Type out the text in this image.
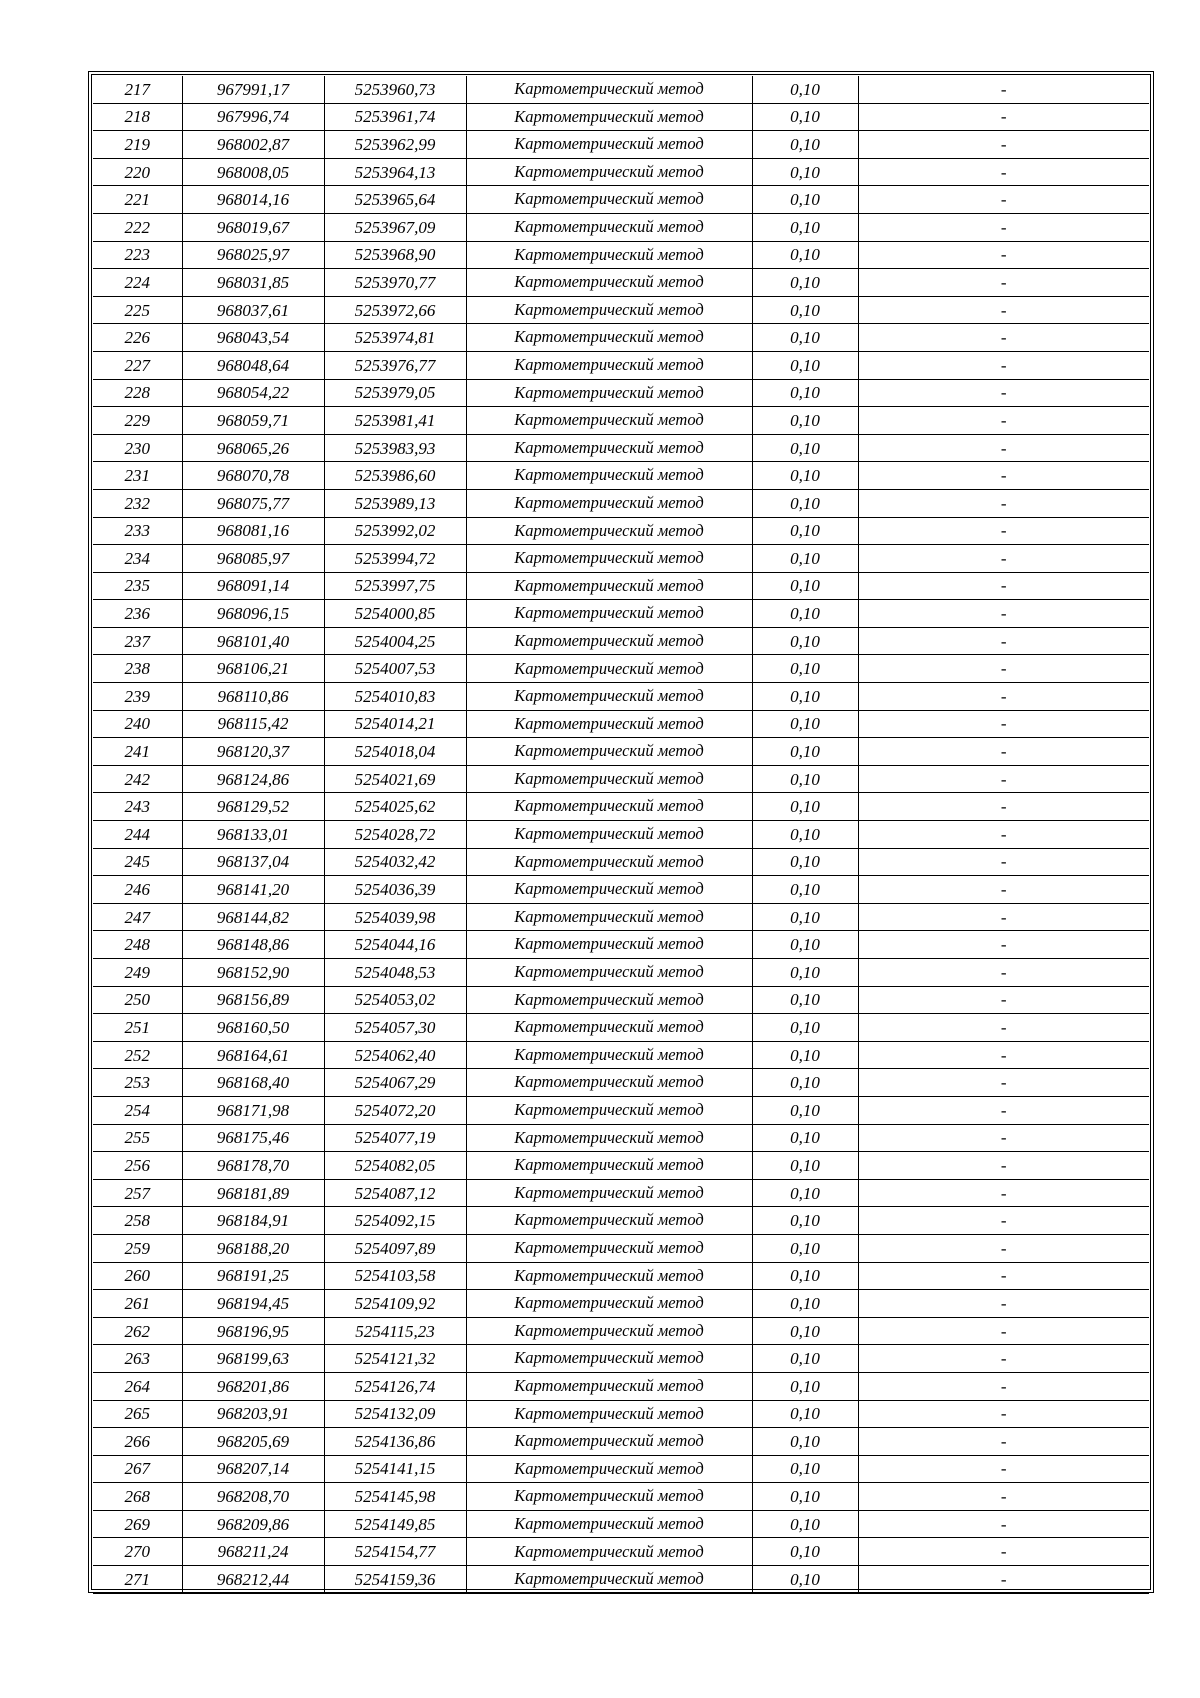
217	967991,17	5253960,73	Картометрический метод	0,10	-
218	967996,74	5253961,74	Картометрический метод	0,10	-
219	968002,87	5253962,99	Картометрический метод	0,10	-
220	968008,05	5253964,13	Картометрический метод	0,10	-
221	968014,16	5253965,64	Картометрический метод	0,10	-
222	968019,67	5253967,09	Картометрический метод	0,10	-
223	968025,97	5253968,90	Картометрический метод	0,10	-
224	968031,85	5253970,77	Картометрический метод	0,10	-
225	968037,61	5253972,66	Картометрический метод	0,10	-
226	968043,54	5253974,81	Картометрический метод	0,10	-
227	968048,64	5253976,77	Картометрический метод	0,10	-
228	968054,22	5253979,05	Картометрический метод	0,10	-
229	968059,71	5253981,41	Картометрический метод	0,10	-
230	968065,26	5253983,93	Картометрический метод	0,10	-
231	968070,78	5253986,60	Картометрический метод	0,10	-
232	968075,77	5253989,13	Картометрический метод	0,10	-
233	968081,16	5253992,02	Картометрический метод	0,10	-
234	968085,97	5253994,72	Картометрический метод	0,10	-
235	968091,14	5253997,75	Картометрический метод	0,10	-
236	968096,15	5254000,85	Картометрический метод	0,10	-
237	968101,40	5254004,25	Картометрический метод	0,10	-
238	968106,21	5254007,53	Картометрический метод	0,10	-
239	968110,86	5254010,83	Картометрический метод	0,10	-
240	968115,42	5254014,21	Картометрический метод	0,10	-
241	968120,37	5254018,04	Картометрический метод	0,10	-
242	968124,86	5254021,69	Картометрический метод	0,10	-
243	968129,52	5254025,62	Картометрический метод	0,10	-
244	968133,01	5254028,72	Картометрический метод	0,10	-
245	968137,04	5254032,42	Картометрический метод	0,10	-
246	968141,20	5254036,39	Картометрический метод	0,10	-
247	968144,82	5254039,98	Картометрический метод	0,10	-
248	968148,86	5254044,16	Картометрический метод	0,10	-
249	968152,90	5254048,53	Картометрический метод	0,10	-
250	968156,89	5254053,02	Картометрический метод	0,10	-
251	968160,50	5254057,30	Картометрический метод	0,10	-
252	968164,61	5254062,40	Картометрический метод	0,10	-
253	968168,40	5254067,29	Картометрический метод	0,10	-
254	968171,98	5254072,20	Картометрический метод	0,10	-
255	968175,46	5254077,19	Картометрический метод	0,10	-
256	968178,70	5254082,05	Картометрический метод	0,10	-
257	968181,89	5254087,12	Картометрический метод	0,10	-
258	968184,91	5254092,15	Картометрический метод	0,10	-
259	968188,20	5254097,89	Картометрический метод	0,10	-
260	968191,25	5254103,58	Картометрический метод	0,10	-
261	968194,45	5254109,92	Картометрический метод	0,10	-
262	968196,95	5254115,23	Картометрический метод	0,10	-
263	968199,63	5254121,32	Картометрический метод	0,10	-
264	968201,86	5254126,74	Картометрический метод	0,10	-
265	968203,91	5254132,09	Картометрический метод	0,10	-
266	968205,69	5254136,86	Картометрический метод	0,10	-
267	968207,14	5254141,15	Картометрический метод	0,10	-
268	968208,70	5254145,98	Картометрический метод	0,10	-
269	968209,86	5254149,85	Картометрический метод	0,10	-
270	968211,24	5254154,77	Картометрический метод	0,10	-
271	968212,44	5254159,36	Картометрический метод	0,10	-
